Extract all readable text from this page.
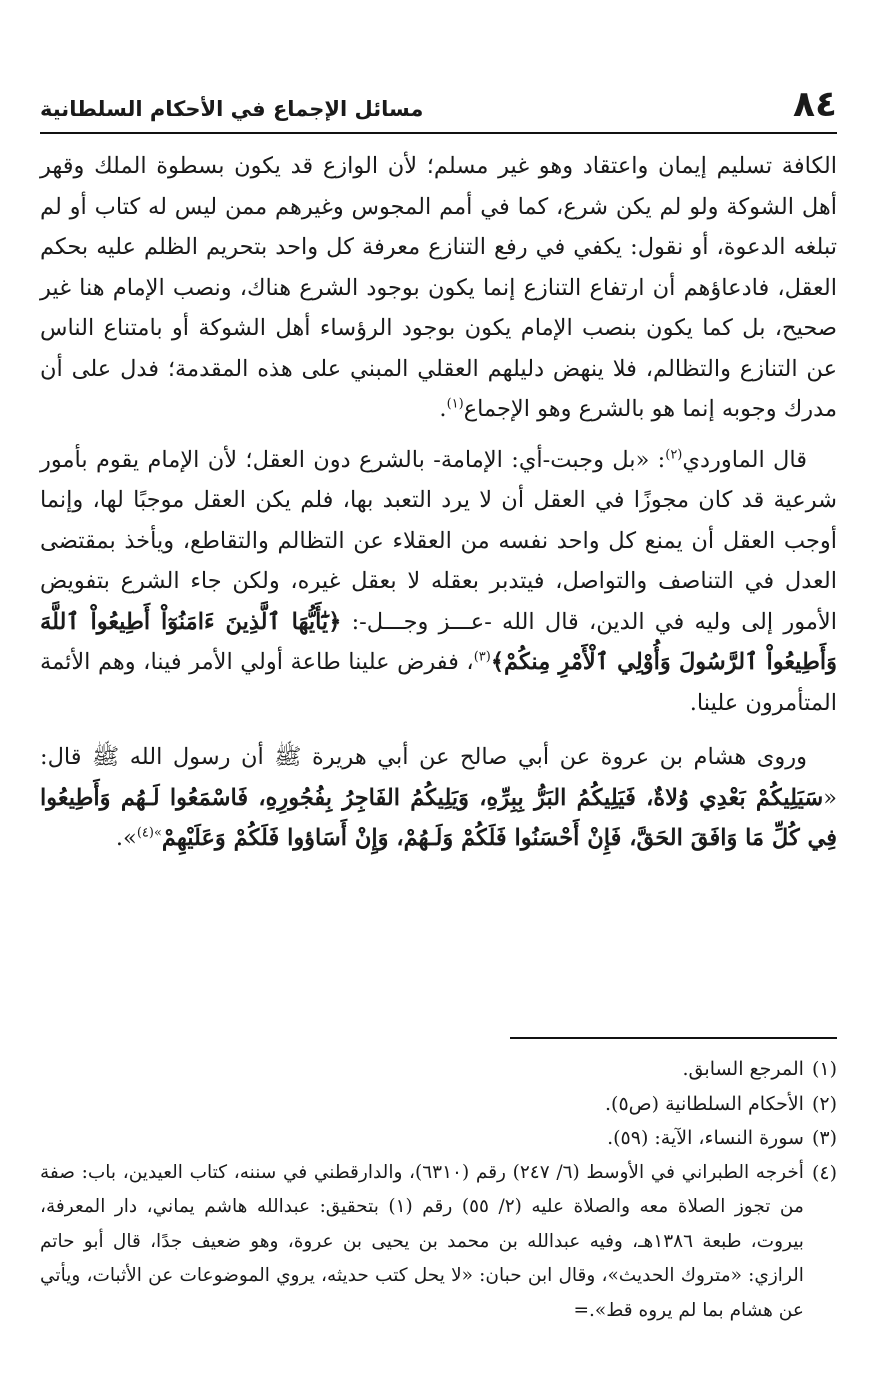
٨٤
مسائل الإجماع في الأحكام السلطانية

الكافة تسليم إيمان واعتقاد وهو غير مسلم؛ لأن الوازع قد يكون بسطوة الملك وقهر أهل الشوكة ولو لم يكن شرع، كما في أمم المجوس وغيرهم ممن ليس له كتاب أو لم تبلغه الدعوة، أو نقول: يكفي في رفع التنازع معرفة كل واحد بتحريم الظلم عليه بحكم العقل، فادعاؤهم أن ارتفاع التنازع إنما يكون بوجود الشرع هناك، ونصب الإمام هنا غير صحيح، بل كما يكون بنصب الإمام يكون بوجود الرؤساء أهل الشوكة أو بامتناع الناس عن التنازع والتظالم، فلا ينهض دليلهم العقلي المبني على هذه المقدمة؛ فدل على أن مدرك وجوبه إنما هو بالشرع وهو الإجماع$^{(١)}$.

قال الماوردي$^{(٢)}$: «بل وجبت-أي: الإمامة- بالشرع دون العقل؛ لأن الإمام يقوم بأمور شرعية قد كان مجوزًا في العقل أن لا يرد التعبد بها، فلم يكن العقل موجبًا لها، وإنما أوجب العقل أن يمنع كل واحد نفسه من العقلاء عن التظالم والتقاطع، ويأخذ بمقتضى العدل في التناصف والتواصل، فيتدبر بعقله لا بعقل غيره، ولكن جاء الشرع بتفويض الأمور إلى وليه في الدين، قال الله -عـــز وجـــل-: ﴿يَٰٓأَيُّهَا ٱلَّذِينَ ءَامَنُوٓاْ أَطِيعُواْ ٱللَّهَ وَأَطِيعُواْ ٱلرَّسُولَ وَأُوْلِي ٱلْأَمْرِ مِنكُمْ﴾$^{(٣)}$، ففرض علينا طاعة أولي الأمر فينا، وهم الأئمة المتأمرون علينا.

وروى هشام بن عروة عن أبي صالح عن أبي هريرة ﷺ أن رسول الله ﷺ قال: «سَيَلِيكُمْ بَعْدِي وُلاةٌ، فَيَلِيكُمُ البَرُّ بِبِرِّهِ، وَيَلِيكُمُ الفَاجِرُ بِفُجُورِهِ، فَاسْمَعُوا لَـهُم وَأَطِيعُوا فِي كُلِّ مَا وَافَقَ الحَقَّ، فَإِنْ أَحْسَنُوا فَلَكُمْ وَلَـهُمْ، وَإِنْ أَسَاؤوا فَلَكُمْ وَعَلَيْهِمْ$^{»(٤)}$».

(١)
المرجع السابق.
(٢)
الأحكام السلطانية (ص٥).
(٣)
سورة النساء، الآية: (٥٩).
(٤)
أخرجه الطبراني في الأوسط (٦/ ٢٤٧) رقم (٦٣١٠)، والدارقطني في سننه، كتاب العيدين، باب: صفة من تجوز الصلاة معه والصلاة عليه (٢/ ٥٥) رقم (١) بتحقيق: عبدالله هاشم يماني، دار المعرفة، بيروت، طبعة ١٣٨٦هـ، وفيه عبدالله بن محمد بن يحيى بن عروة، وهو ضعيف جدًا، قال أبو حاتم الرازي: «متروك الحديث»، وقال ابن حبان: «لا يحل كتب حديثه، يروي الموضوعات عن الأثبات، ويأتي عن هشام بما لم يروه قط».=
